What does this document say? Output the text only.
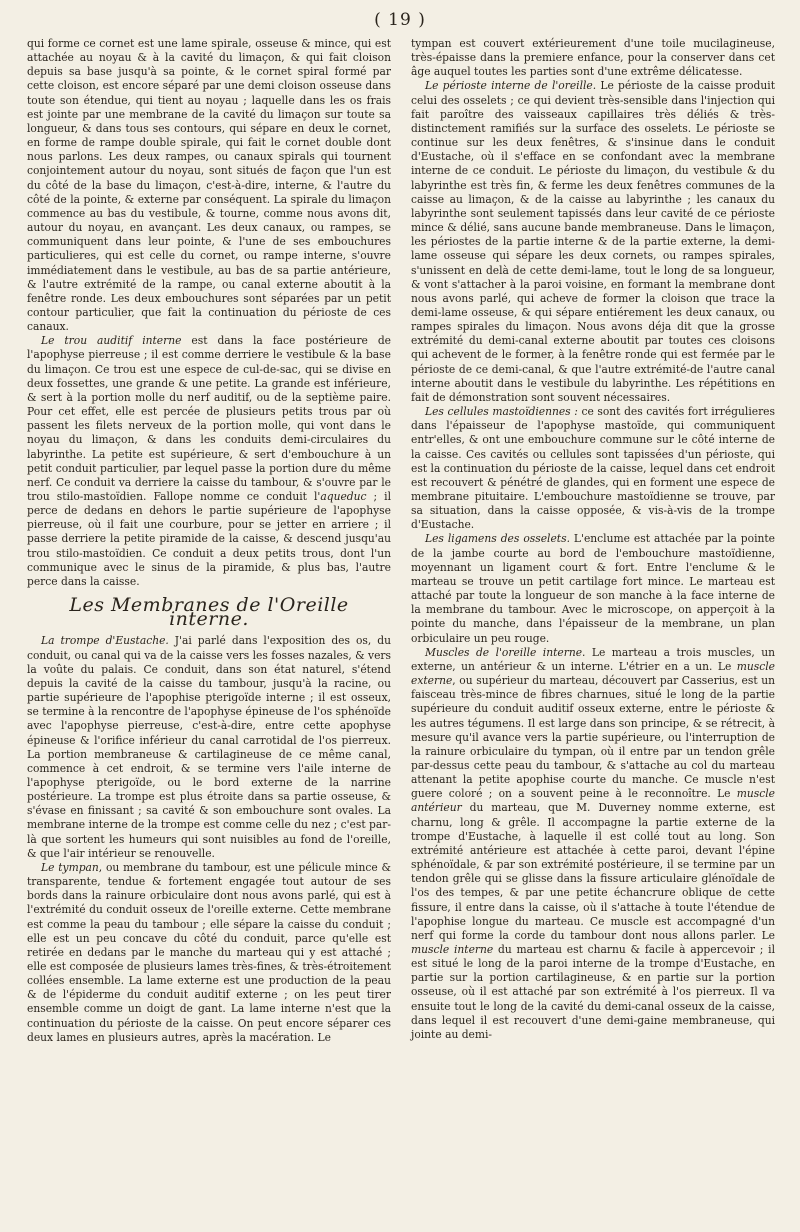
( 19 )

qui forme ce cornet est une lame spirale, osseuse & mince, qui est attachée au noyau & à la cavité du limaçon, & qui fait cloison depuis sa base jusqu'à sa pointe, & le cornet spiral formé par cette cloison, est encore séparé par une demi cloison osseuse dans toute son étendue, qui tient au noyau ; laquelle dans les os frais est jointe par une membrane de la cavité du limaçon sur toute sa longueur, & dans tous ses contours, qui sépare en deux le cornet, en forme de rampe double spirale, qui fait le cornet double dont nous parlons. Les deux rampes, ou canaux spirals qui tournent conjointement autour du noyau, sont situés de façon que l'un est du côté de la base du limaçon, c'est-à-dire, interne, & l'autre du côté de la pointe, & externe par conséquent. La spirale du limaçon commence au bas du vestibule, & tourne, comme nous avons dit, autour du noyau, en avançant. Les deux canaux, ou rampes, se communiquent dans leur pointe, & l'une de ses embouchures particulieres, qui est celle du cornet, ou rampe interne, s'ouvre immédiatement dans le vestibule, au bas de sa partie antérieure, & l'autre extrémité de la rampe, ou canal externe aboutit à la fenêtre ronde. Les deux embouchures sont séparées par un petit contour particulier, que fait la continuation du périoste de ces canaux.

Le trou auditif interne est dans la face postérieure de l'apophyse pierreuse ; il est comme derriere le vestibule & la base du limaçon. Ce trou est une espece de cul-de-sac, qui se divise en deux fossettes, une grande & une petite. La grande est inférieure, & sert à la portion molle du nerf auditif, ou de la septième paire. Pour cet effet, elle est percée de plusieurs petits trous par où passent les filets nerveux de la portion molle, qui vont dans le noyau du limaçon, & dans les conduits demi-circulaires du labyrinthe. La petite est supérieure, & sert d'embouchure à un petit conduit particulier, par lequel passe la portion dure du même nerf. Ce conduit va derriere la caisse du tambour, & s'ouvre par le trou stilo-mastoïdien. Fallope nomme ce conduit l'aqueduc ; il perce de dedans en dehors le partie supérieure de l'apophyse pierreuse, où il fait une courbure, pour se jetter en arriere ; il passe derriere la petite piramide de la caisse, & descend jusqu'au trou stilo-mastoïdien. Ce conduit a deux petits trous, dont l'un communique avec le sinus de la piramide, & plus bas, l'autre perce dans la caisse.

Les Membranes de l'Oreille interne.

La trompe d'Eustache. J'ai parlé dans l'exposition des os, du conduit, ou canal qui va de la caisse vers les fosses nazales, & vers la voûte du palais. Ce conduit, dans son état naturel, s'étend depuis la cavité de la caisse du tambour, jusqu'à la racine, ou partie supérieure de l'apophise pterigoïde interne ; il est osseux, se termine à la rencontre de l'apophyse épineuse de l'os sphénoïde avec l'apophyse pierreuse, c'est-à-dire, entre cette apophyse épineuse & l'orifice inférieur du canal carrotidal de l'os pierreux. La portion membraneuse & cartilagineuse de ce même canal, commence à cet endroit, & se termine vers l'aile interne de l'apophyse pterigoïde, ou le bord externe de la narrine postérieure. La trompe est plus étroite dans sa partie osseuse, & s'évase en finissant ; sa cavité & son embouchure sont ovales. La membrane interne de la trompe est comme celle du nez ; c'est par-là que sortent les humeurs qui sont nuisibles au fond de l'oreille, & que l'air intérieur se renouvelle.

Le tympan, ou membrane du tambour, est une pélicule mince & transparente, tendue & fortement engagée tout autour de ses bords dans la rainure orbiculaire dont nous avons parlé, qui est à l'extrémité du conduit osseux de l'oreille externe. Cette membrane est comme la peau du tambour ; elle sépare la caisse du conduit ; elle est un peu concave du côté du conduit, parce qu'elle est retirée en dedans par le manche du marteau qui y est attaché ; elle est composée de plusieurs lames très-fines, & très-étroitement collées ensemble. La lame externe est une production de la peau & de l'épiderme du conduit auditif externe ; on les peut tirer ensemble comme un doigt de gant. La lame interne n'est que la continuation du périoste de la caisse. On peut encore séparer ces deux lames en plusieurs autres, après la macération. Le

tympan est couvert extérieurement d'une toile mucilagineuse, très-épaisse dans la premiere enfance, pour la conserver dans cet âge auquel toutes les parties sont d'une extrême délicatesse.

Le périoste interne de l'oreille. Le périoste de la caisse produit celui des osselets ; ce qui devient très-sensible dans l'injection qui fait paroître des vaisseaux capillaires très déliés & très-distinctement ramifiés sur la surface des osselets. Le périoste se continue sur les deux fenêtres, & s'insinue dans le conduit d'Eustache, où il s'efface en se confondant avec la membrane interne de ce conduit. Le périoste du limaçon, du vestibule & du labyrinthe est très fin, & ferme les deux fenêtres communes de la caisse au limaçon, & de la caisse au labyrinthe ; les canaux du labyrinthe sont seulement tapissés dans leur cavité de ce périoste mince & délié, sans aucune bande membraneuse. Dans le limaçon, les périostes de la partie interne & de la partie externe, la demi-lame osseuse qui sépare les deux cornets, ou rampes spirales, s'unissent en delà de cette demi-lame, tout le long de sa longueur, & vont s'attacher à la paroi voisine, en formant la membrane dont nous avons parlé, qui acheve de former la cloison que trace la demi-lame osseuse, & qui sépare entiérement les deux canaux, ou rampes spirales du limaçon. Nous avons déja dit que la grosse extrémité du demi-canal externe aboutit par toutes ces cloisons qui achevent de le former, à la fenêtre ronde qui est fermée par le périoste de ce demi-canal, & que l'autre extrémité-de l'autre canal interne aboutit dans le vestibule du labyrinthe. Les répétitions en fait de démonstration sont souvent nécessaires.

Les cellules mastoïdiennes : ce sont des cavités fort irrégulieres dans l'épaisseur de l'apophyse mastoïde, qui communiquent entr'elles, & ont une embouchure commune sur le côté interne de la caisse. Ces cavités ou cellules sont tapissées d'un périoste, qui est la continuation du périoste de la caisse, lequel dans cet endroit est recouvert & pénétré de glandes, qui en forment une espece de membrane pituitaire. L'embouchure mastoïdienne se trouve, par sa situation, dans la caisse opposée, & vis-à-vis de la trompe d'Eustache.

Les ligamens des osselets. L'enclume est attachée par la pointe de la jambe courte au bord de l'embouchure mastoïdienne, moyennant un ligament court & fort. Entre l'enclume & le marteau se trouve un petit cartilage fort mince. Le marteau est attaché par toute la longueur de son manche à la face interne de la membrane du tambour. Avec le microscope, on apperçoit à la pointe du manche, dans l'épaisseur de la membrane, un plan orbiculaire un peu rouge.

Muscles de l'oreille interne. Le marteau a trois muscles, un externe, un antérieur & un interne. L'étrier en a un. Le muscle externe, ou supérieur du marteau, découvert par Casserius, est un faisceau très-mince de fibres charnues, situé le long de la partie supérieure du conduit auditif osseux externe, entre le périoste & les autres tégumens. Il est large dans son principe, & se rétrecit, à mesure qu'il avance vers la partie supérieure, ou l'interruption de la rainure orbiculaire du tympan, où il entre par un tendon grêle par-dessus cette peau du tambour, & s'attache au col du marteau attenant la petite apophise courte du manche. Ce muscle n'est guere coloré ; on a souvent peine à le reconnoître. Le muscle antérieur du marteau, que M. Duverney nomme externe, est charnu, long & grêle. Il accompagne la partie externe de la trompe d'Eustache, à laquelle il est collé tout au long. Son extrémité antérieure est attachée à cette paroi, devant l'épine sphénoïdale, & par son extrémité postérieure, il se termine par un tendon grêle qui se glisse dans la fissure articulaire glénoïdale de l'os des tempes, & par une petite échancrure oblique de cette fissure, il entre dans la caisse, où il s'attache à toute l'étendue de l'apophise longue du marteau. Ce muscle est accompagné d'un nerf qui forme la corde du tambour dont nous allons parler. Le muscle interne du marteau est charnu & facile à appercevoir ; il est situé le long de la paroi interne de la trompe d'Eustache, en partie sur la portion cartilagineuse, & en partie sur la portion osseuse, où il est attaché par son extrémité à l'os pierreux. Il va ensuite tout le long de la cavité du demi-canal osseux de la caisse, dans lequel il est recouvert d'une demi-gaine membraneuse, qui jointe au demi-
